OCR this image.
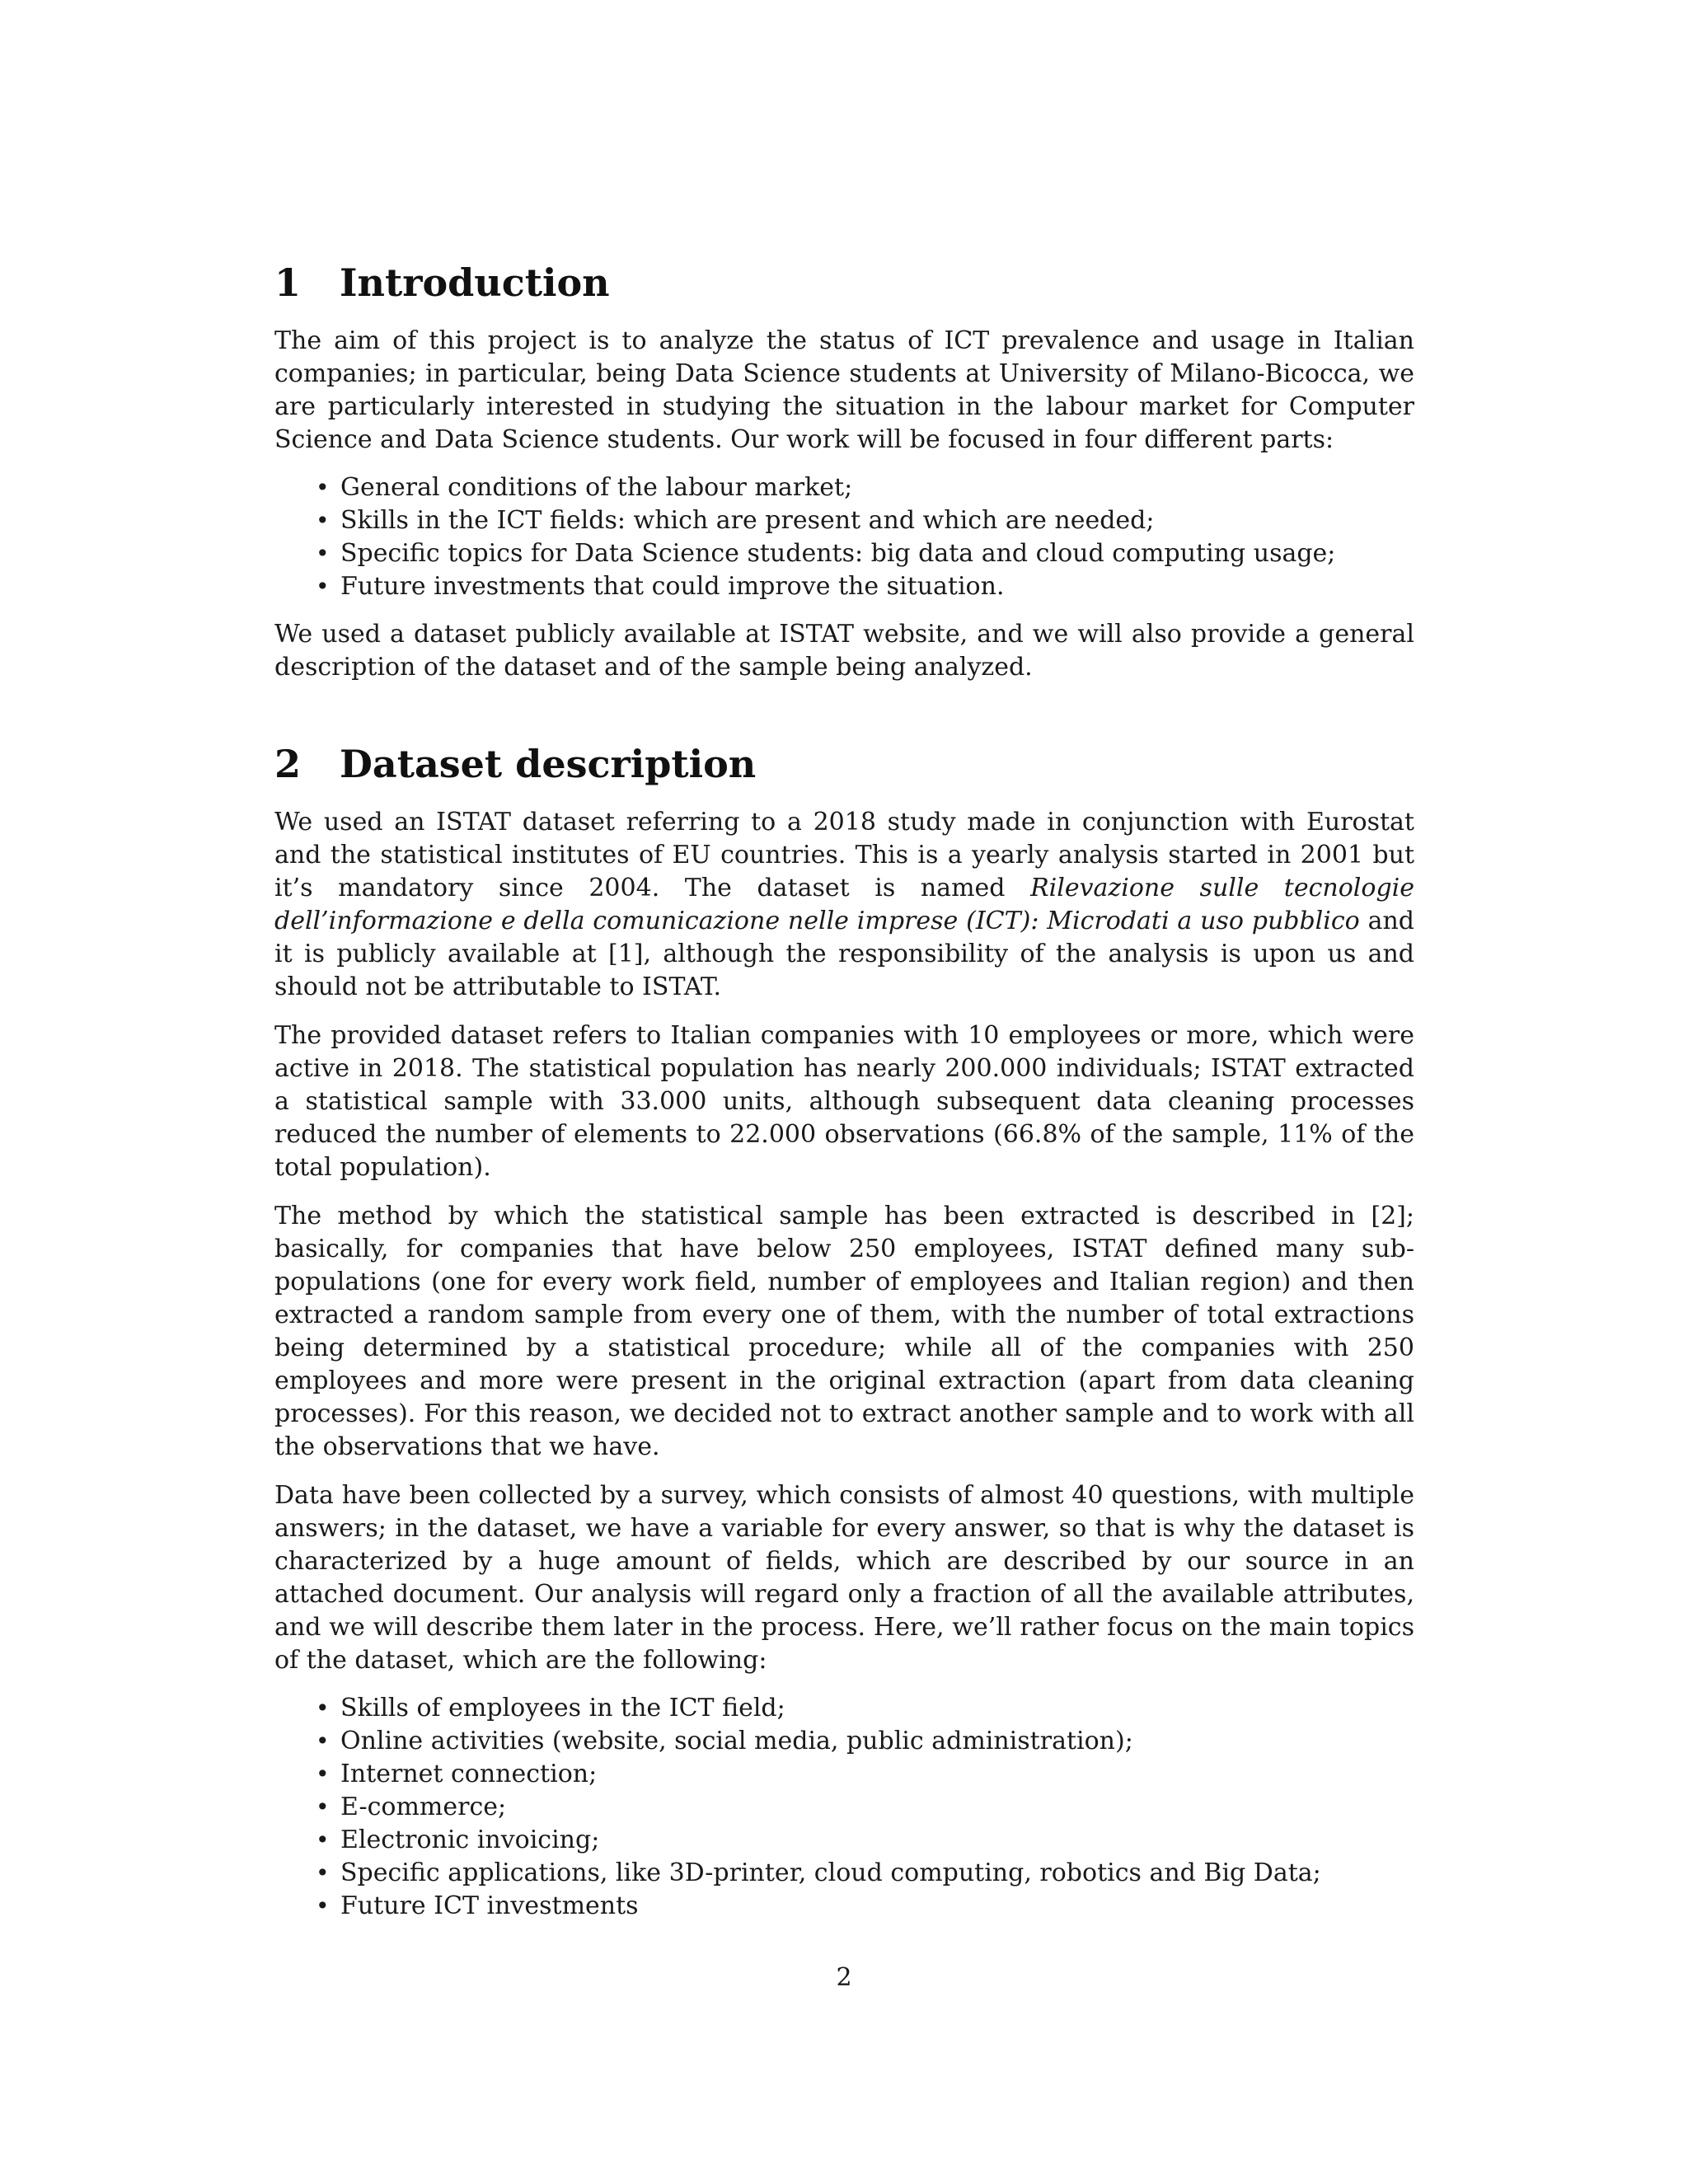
1	Introduction

The aim of this project is to analyze the status of ICT prevalence and usage in Italian companies; in particular, being Data Science students at University of Milano-Bicocca, we are particularly interested in studying the situation in the labour market for Computer Science and Data Science students. Our work will be focused in four different parts:

• General conditions of the labour market;
• Skills in the ICT fields: which are present and which are needed;
• Specific topics for Data Science students: big data and cloud computing usage;
• Future investments that could improve the situation.

We used a dataset publicly available at ISTAT website, and we will also provide a general description of the dataset and of the sample being analyzed.

2	Dataset description

We used an ISTAT dataset referring to a 2018 study made in conjunction with Eurostat and the statistical institutes of EU countries. This is a yearly analysis started in 2001 but it’s mandatory since 2004. The dataset is named Rilevazione sulle tecnologie dell’informazione e della comunicazione nelle imprese (ICT): Microdati a uso pubblico and it is publicly available at [1], although the responsibility of the analysis is upon us and should not be attributable to ISTAT.

The provided dataset refers to Italian companies with 10 employees or more, which were active in 2018. The statistical population has nearly 200.000 individuals; ISTAT extracted a statistical sample with 33.000 units, although subsequent data cleaning processes reduced the number of elements to 22.000 observations (66.8% of the sample, 11% of the total population).

The method by which the statistical sample has been extracted is described in [2]; basically, for companies that have below 250 employees, ISTAT defined many sub-populations (one for every work field, number of employees and Italian region) and then extracted a random sample from every one of them, with the number of total extractions being determined by a statistical procedure; while all of the companies with 250 employees and more were present in the original extraction (apart from data cleaning processes). For this reason, we decided not to extract another sample and to work with all the observations that we have.

Data have been collected by a survey, which consists of almost 40 questions, with multiple answers; in the dataset, we have a variable for every answer, so that is why the dataset is characterized by a huge amount of fields, which are described by our source in an attached document. Our analysis will regard only a fraction of all the available attributes, and we will describe them later in the process. Here, we’ll rather focus on the main topics of the dataset, which are the following:

• Skills of employees in the ICT field;
• Online activities (website, social media, public administration);
• Internet connection;
• E-commerce;
• Electronic invoicing;
• Specific applications, like 3D-printer, cloud computing, robotics and Big Data;
• Future ICT investments
2
